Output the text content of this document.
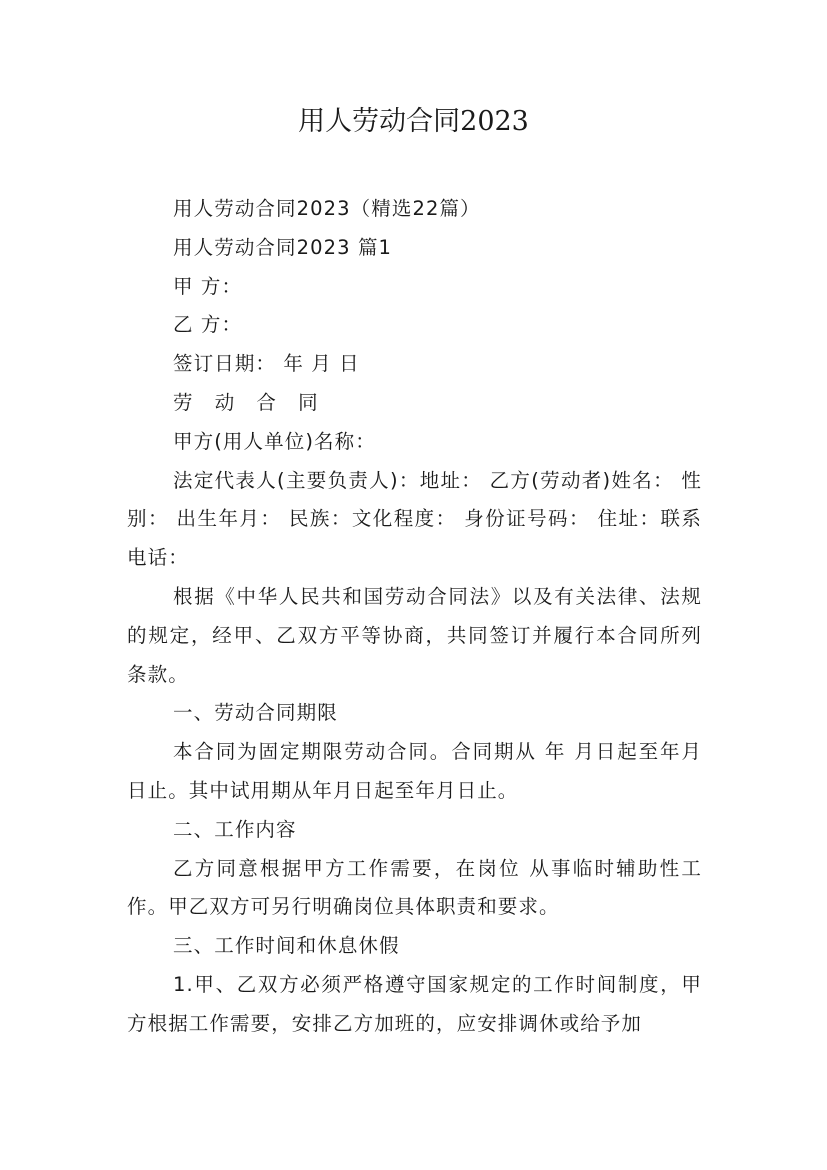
用人劳动合同2023

用人劳动合同2023（精选22篇）

用人劳动合同2023 篇1

甲 方：

乙 方：

签订日期： 年 月 日

劳 动 合 同

甲方(用人单位)名称：

法定代表人(主要负责人)：地址： 乙方(劳动者)姓名： 性别： 出生年月： 民族：文化程度： 身份证号码： 住址：联系电话：

根据《中华人民共和国劳动合同法》以及有关法律、法规的规定，经甲、乙双方平等协商，共同签订并履行本合同所列条款。

一、劳动合同期限

本合同为固定期限劳动合同。合同期从 年 月日起至年月日止。其中试用期从年月日起至年月日止。

二、工作内容

乙方同意根据甲方工作需要，在岗位 从事临时辅助性工作。甲乙双方可另行明确岗位具体职责和要求。

三、工作时间和休息休假

1.甲、乙双方必须严格遵守国家规定的工作时间制度，甲方根据工作需要，安排乙方加班的，应安排调休或给予加
